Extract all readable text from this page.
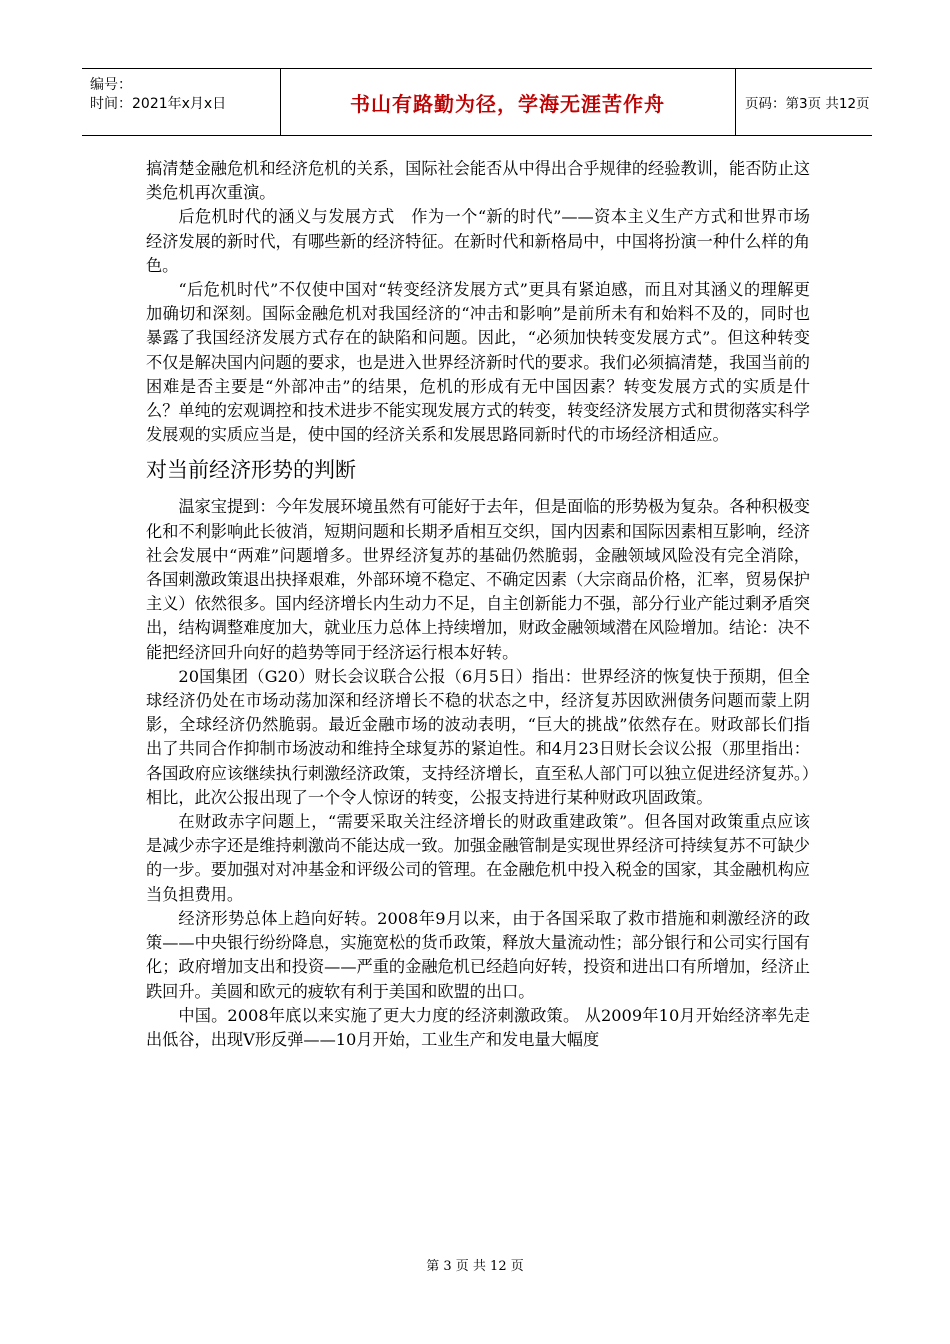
编号：
时间：2021年x月x日	书山有路勤为径，学海无涯苦作舟	页码：第3页 共12页

搞清楚金融危机和经济危机的关系，国际社会能否从中得出合乎规律的经验教训，能否防止这类危机再次重演。

后危机时代的涵义与发展方式　作为一个“新的时代”——资本主义生产方式和世界市场经济发展的新时代，有哪些新的经济特征。在新时代和新格局中，中国将扮演一种什么样的角色。

“后危机时代”不仅使中国对“转变经济发展方式”更具有紧迫感，而且对其涵义的理解更加确切和深刻。国际金融危机对我国经济的“冲击和影响”是前所未有和始料不及的，同时也暴露了我国经济发展方式存在的缺陷和问题。因此，“必须加快转变发展方式”。但这种转变不仅是解决国内问题的要求，也是进入世界经济新时代的要求。我们必须搞清楚，我国当前的困难是否主要是“外部冲击”的结果，危机的形成有无中国因素？转变发展方式的实质是什么？单纯的宏观调控和技术进步不能实现发展方式的转变，转变经济发展方式和贯彻落实科学发展观的实质应当是，使中国的经济关系和发展思路同新时代的市场经济相适应。

对当前经济形势的判断

温家宝提到：今年发展环境虽然有可能好于去年，但是面临的形势极为复杂。各种积极变化和不利影响此长彼消，短期问题和长期矛盾相互交织，国内因素和国际因素相互影响，经济社会发展中“两难”问题增多。世界经济复苏的基础仍然脆弱，金融领域风险没有完全消除，各国刺激政策退出抉择艰难，外部环境不稳定、不确定因素（大宗商品价格，汇率，贸易保护主义）依然很多。国内经济增长内生动力不足，自主创新能力不强，部分行业产能过剩矛盾突出，结构调整难度加大，就业压力总体上持续增加，财政金融领域潜在风险增加。结论：决不能把经济回升向好的趋势等同于经济运行根本好转。

20国集团（G20）财长会议联合公报（6月5日）指出：世界经济的恢复快于预期，但全球经济仍处在市场动荡加深和经济增长不稳的状态之中，经济复苏因欧洲债务问题而蒙上阴影，全球经济仍然脆弱。最近金融市场的波动表明，“巨大的挑战”依然存在。财政部长们指出了共同合作抑制市场波动和维持全球复苏的紧迫性。和4月23日财长会议公报（那里指出：各国政府应该继续执行刺激经济政策，支持经济增长，直至私人部门可以独立促进经济复苏。）相比，此次公报出现了一个令人惊讶的转变，公报支持进行某种财政巩固政策。

在财政赤字问题上，“需要采取关注经济增长的财政重建政策”。但各国对政策重点应该是减少赤字还是维持刺激尚不能达成一致。加强金融管制是实现世界经济可持续复苏不可缺少的一步。要加强对对冲基金和评级公司的管理。在金融危机中投入税金的国家，其金融机构应当负担费用。

经济形势总体上趋向好转。2008年9月以来，由于各国采取了救市措施和刺激经济的政策——中央银行纷纷降息，实施宽松的货币政策，释放大量流动性；部分银行和公司实行国有化；政府增加支出和投资——严重的金融危机已经趋向好转，投资和进出口有所增加，经济止跌回升。美圆和欧元的疲软有利于美国和欧盟的出口。

中国。2008年底以来实施了更大力度的经济刺激政策。 从2009年10月开始经济率先走出低谷，出现V形反弹——10月开始，工业生产和发电量大幅度

第 3 页 共 12 页
